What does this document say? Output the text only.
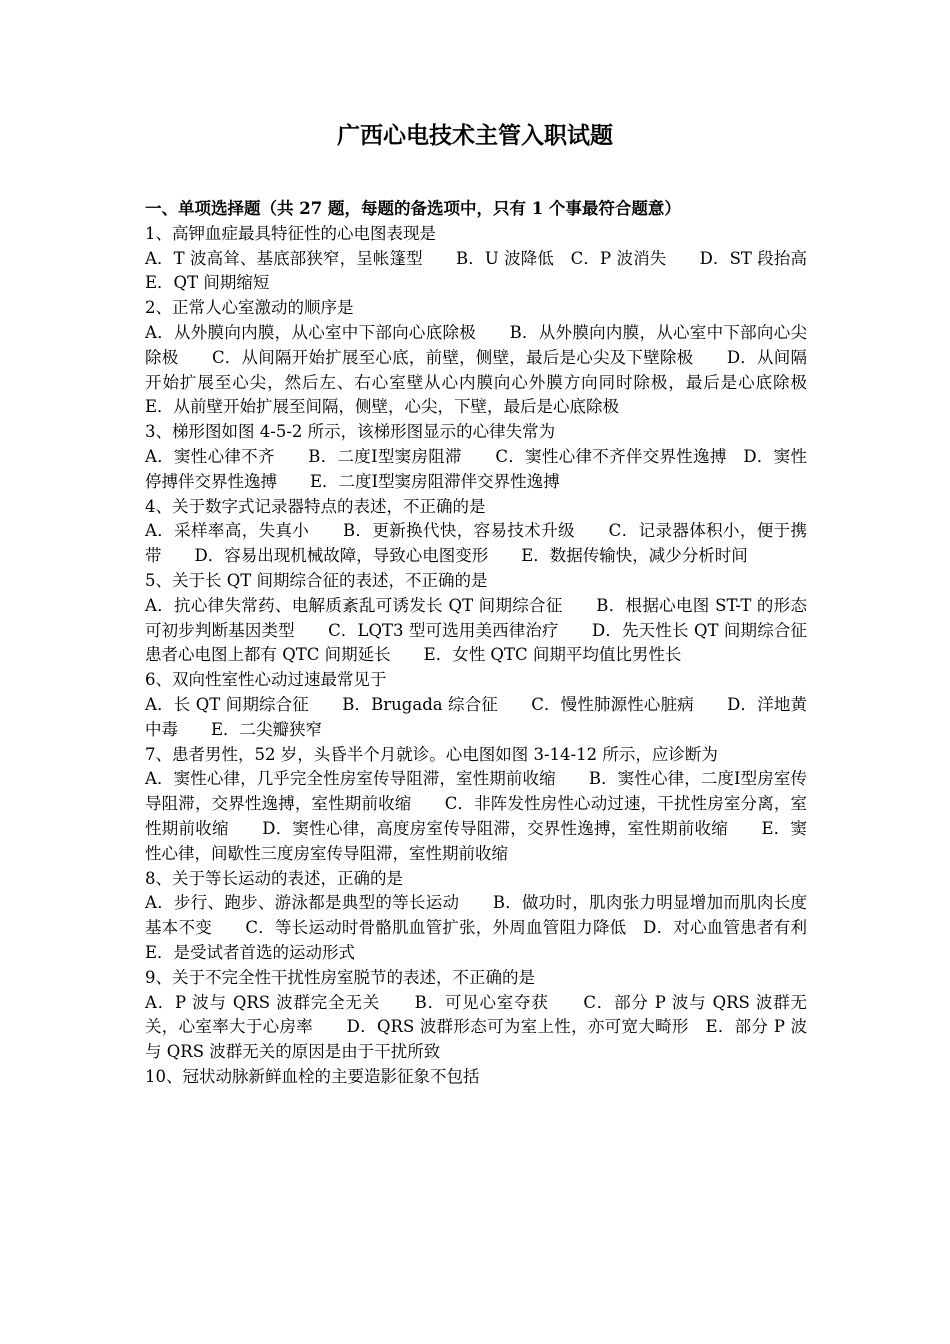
广西心电技术主管入职试题

一、单项选择题（共 27 题，每题的备选项中，只有 1 个事最符合题意）

1、高钾血症最具特征性的心电图表现是

A．T 波高耸、基底部狭窄，呈帐篷型　　B．U 波降低　C．P 波消失　　D．ST 段抬高　E．QT 间期缩短

2、正常人心室激动的顺序是

A．从外膜向内膜，从心室中下部向心底除极　　B．从外膜向内膜，从心室中下部向心尖除极　　C．从间隔开始扩展至心底，前壁，侧壁，最后是心尖及下壁除极　　D．从间隔开始扩展至心尖，然后左、右心室壁从心内膜向心外膜方向同时除极，最后是心底除极　　E．从前壁开始扩展至间隔，侧壁，心尖，下壁，最后是心底除极

3、梯形图如图 4-5-2 所示，该梯形图显示的心律失常为

A．窦性心律不齐　　B．二度Ⅰ型窦房阻滞　　C．窦性心律不齐伴交界性逸搏　D．窦性停搏伴交界性逸搏　　E．二度Ⅰ型窦房阻滞伴交界性逸搏

4、关于数字式记录器特点的表述，不正确的是

A．采样率高，失真小　　B．更新换代快，容易技术升级　　C．记录器体积小，便于携带　　D．容易出现机械故障，导致心电图变形　　E．数据传输快，减少分析时间

5、关于长 QT 间期综合征的表述，不正确的是

A．抗心律失常药、电解质紊乱可诱发长 QT 间期综合征　　B．根据心电图 ST-T 的形态可初步判断基因类型　　C．LQT3 型可选用美西律治疗　　D．先天性长 QT 间期综合征患者心电图上都有 QTC 间期延长　　E．女性 QTC 间期平均值比男性长

6、双向性室性心动过速最常见于

A．长 QT 间期综合征　　B．Brugada 综合征　　C．慢性肺源性心脏病　　D．洋地黄中毒　　E．二尖瓣狭窄

7、患者男性，52 岁，头昏半个月就诊。心电图如图 3-14-12 所示，应诊断为

A．窦性心律，几乎完全性房室传导阻滞，室性期前收缩　　B．窦性心律，二度Ⅰ型房室传导阻滞，交界性逸搏，室性期前收缩　　C．非阵发性房性心动过速，干扰性房室分离，室性期前收缩　　D．窦性心律，高度房室传导阻滞，交界性逸搏，室性期前收缩　　E．窦性心律，间歇性三度房室传导阻滞，室性期前收缩

8、关于等长运动的表述，正确的是

A．步行、跑步、游泳都是典型的等长运动　　B．做功时，肌肉张力明显增加而肌肉长度基本不变　　C．等长运动时骨骼肌血管扩张，外周血管阻力降低　D．对心血管患者有利　　E．是受试者首选的运动形式

9、关于不完全性干扰性房室脱节的表述，不正确的是

A．P 波与 QRS 波群完全无关　　B．可见心室夺获　　C．部分 P 波与 QRS 波群无关，心室率大于心房率　　D．QRS 波群形态可为室上性，亦可宽大畸形　E．部分 P 波与 QRS 波群无关的原因是由于干扰所致

10、冠状动脉新鲜血栓的主要造影征象不包括
